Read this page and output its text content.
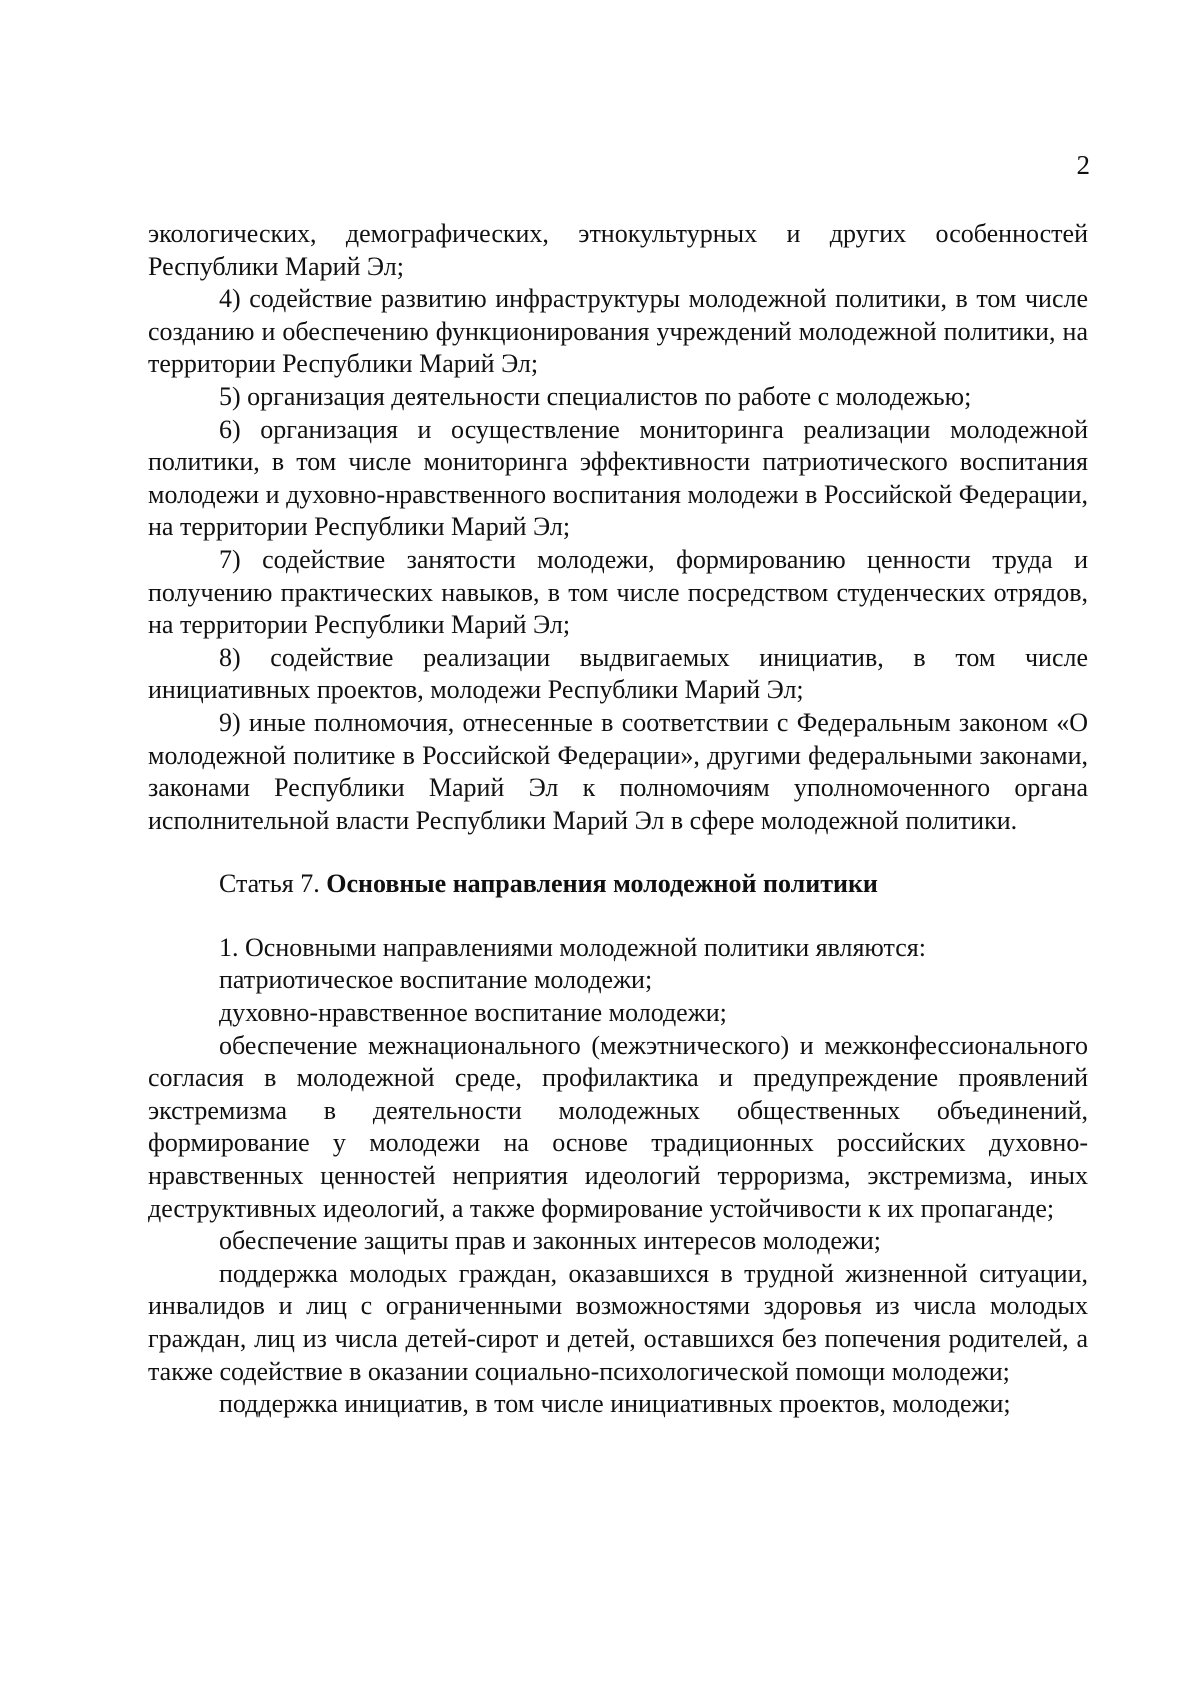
2

экологических, демографических, этнокультурных и других особенностей Республики Марий Эл;

4) содействие развитию инфраструктуры молодежной политики, в том числе созданию и обеспечению функционирования учреждений молодежной политики, на территории Республики Марий Эл;

5) организация деятельности специалистов по работе с молодежью;

6) организация и осуществление мониторинга реализации молодежной политики, в том числе мониторинга эффективности патриотического воспитания молодежи и духовно-нравственного воспитания молодежи в Российской Федерации, на территории Республики Марий Эл;

7) содействие занятости молодежи, формированию ценности труда и получению практических навыков, в том числе посредством студенческих отрядов, на территории Республики Марий Эл;

8) содействие реализации выдвигаемых инициатив, в том числе инициативных проектов, молодежи Республики Марий Эл;

9) иные полномочия, отнесенные в соответствии с Федеральным законом «О молодежной политике в Российской Федерации», другими федеральными законами, законами Республики Марий Эл к полномочиям уполномоченного органа исполнительной власти Республики Марий Эл в сфере молодежной политики.

Статья 7. Основные направления молодежной политики

1. Основными направлениями молодежной политики являются:

патриотическое воспитание молодежи;

духовно-нравственное воспитание молодежи;

обеспечение межнационального (межэтнического) и межконфессионального согласия в молодежной среде, профилактика и предупреждение проявлений экстремизма в деятельности молодежных общественных объединений, формирование у молодежи на основе традиционных российских духовно-нравственных ценностей неприятия идеологий терроризма, экстремизма, иных деструктивных идеологий, а также формирование устойчивости к их пропаганде;

обеспечение защиты прав и законных интересов молодежи;

поддержка молодых граждан, оказавшихся в трудной жизненной ситуации, инвалидов и лиц с ограниченными возможностями здоровья из числа молодых граждан, лиц из числа детей-сирот и детей, оставшихся без попечения родителей, а также содействие в оказании социально-психологической помощи молодежи;

поддержка инициатив, в том числе инициативных проектов, молодежи;
